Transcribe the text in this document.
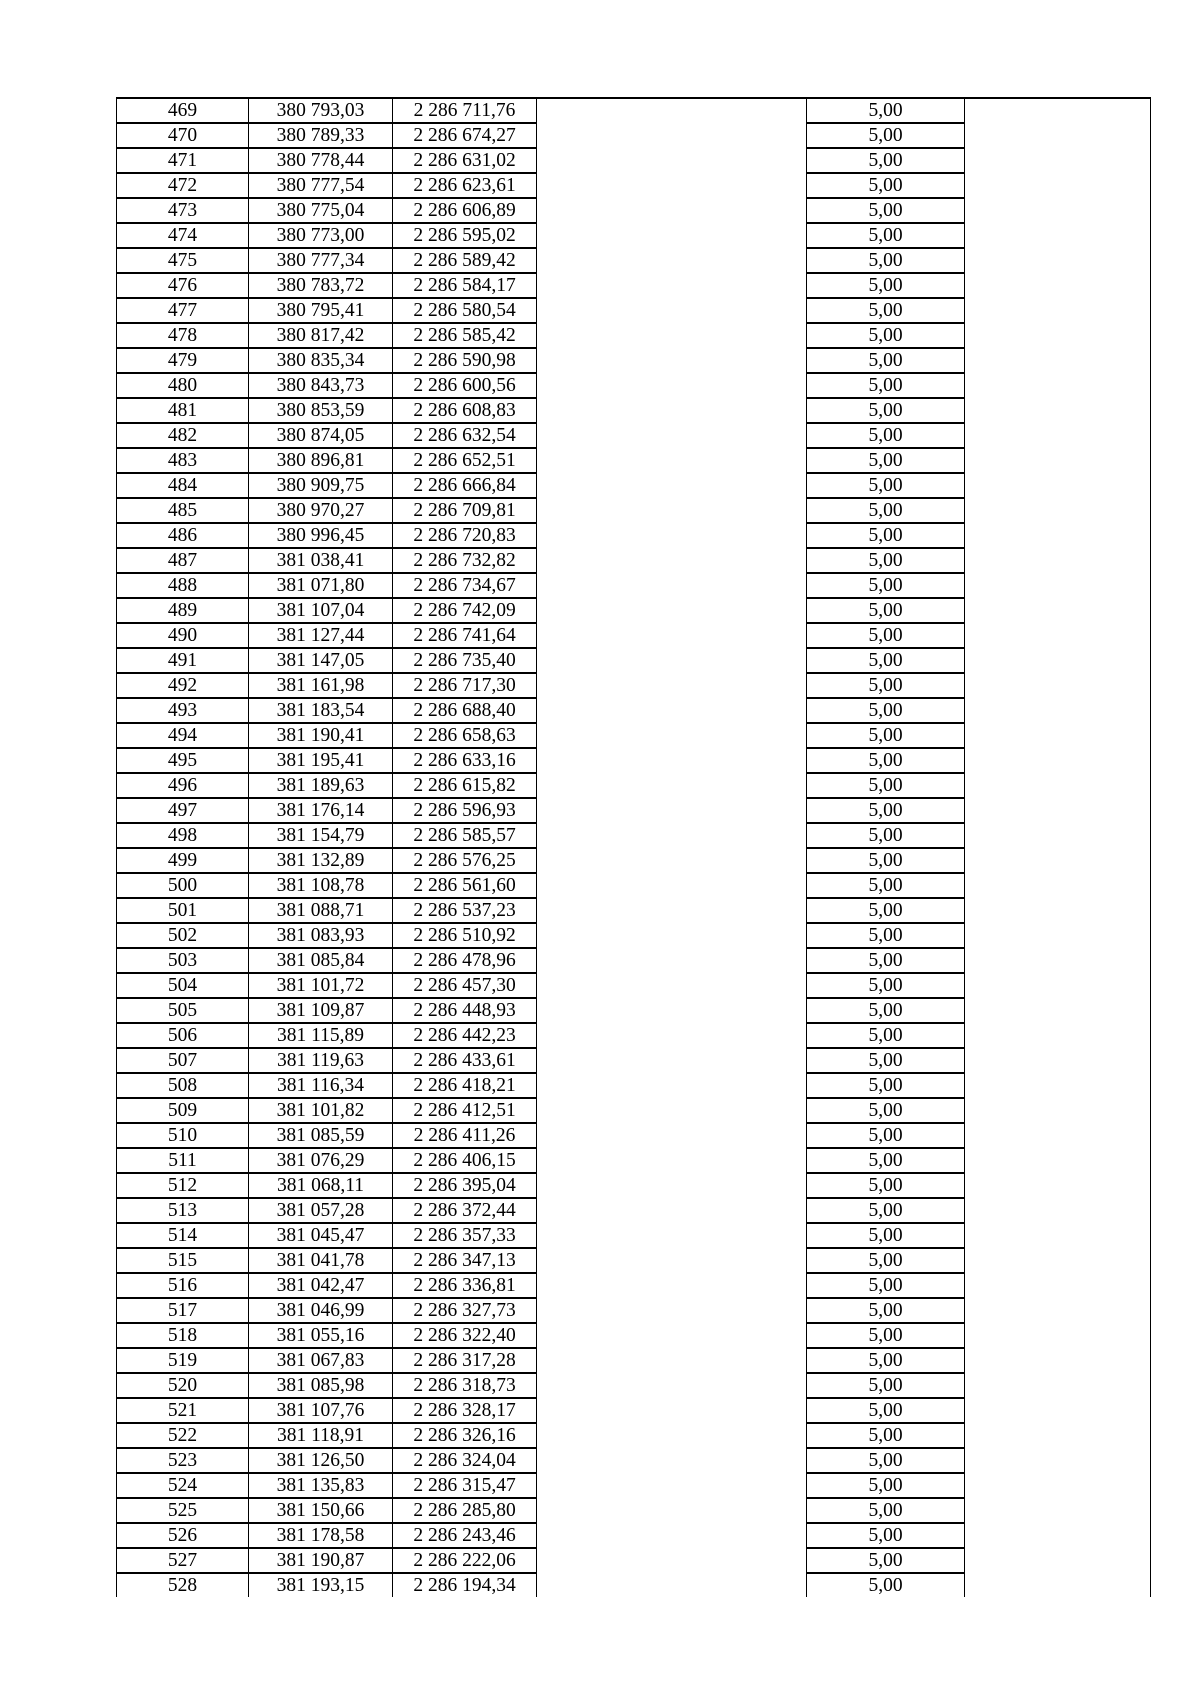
469	380 793,03	2 286 711,76		5,00	
470	380 789,33	2 286 674,27		5,00	
471	380 778,44	2 286 631,02		5,00	
472	380 777,54	2 286 623,61		5,00	
473	380 775,04	2 286 606,89		5,00	
474	380 773,00	2 286 595,02		5,00	
475	380 777,34	2 286 589,42		5,00	
476	380 783,72	2 286 584,17		5,00	
477	380 795,41	2 286 580,54		5,00	
478	380 817,42	2 286 585,42		5,00	
479	380 835,34	2 286 590,98		5,00	
480	380 843,73	2 286 600,56		5,00	
481	380 853,59	2 286 608,83		5,00	
482	380 874,05	2 286 632,54		5,00	
483	380 896,81	2 286 652,51		5,00	
484	380 909,75	2 286 666,84		5,00	
485	380 970,27	2 286 709,81		5,00	
486	380 996,45	2 286 720,83		5,00	
487	381 038,41	2 286 732,82		5,00	
488	381 071,80	2 286 734,67		5,00	
489	381 107,04	2 286 742,09		5,00	
490	381 127,44	2 286 741,64		5,00	
491	381 147,05	2 286 735,40		5,00	
492	381 161,98	2 286 717,30		5,00	
493	381 183,54	2 286 688,40		5,00	
494	381 190,41	2 286 658,63		5,00	
495	381 195,41	2 286 633,16		5,00	
496	381 189,63	2 286 615,82		5,00	
497	381 176,14	2 286 596,93		5,00	
498	381 154,79	2 286 585,57		5,00	
499	381 132,89	2 286 576,25		5,00	
500	381 108,78	2 286 561,60		5,00	
501	381 088,71	2 286 537,23		5,00	
502	381 083,93	2 286 510,92		5,00	
503	381 085,84	2 286 478,96		5,00	
504	381 101,72	2 286 457,30		5,00	
505	381 109,87	2 286 448,93		5,00	
506	381 115,89	2 286 442,23		5,00	
507	381 119,63	2 286 433,61		5,00	
508	381 116,34	2 286 418,21		5,00	
509	381 101,82	2 286 412,51		5,00	
510	381 085,59	2 286 411,26		5,00	
511	381 076,29	2 286 406,15		5,00	
512	381 068,11	2 286 395,04		5,00	
513	381 057,28	2 286 372,44		5,00	
514	381 045,47	2 286 357,33		5,00	
515	381 041,78	2 286 347,13		5,00	
516	381 042,47	2 286 336,81		5,00	
517	381 046,99	2 286 327,73		5,00	
518	381 055,16	2 286 322,40		5,00	
519	381 067,83	2 286 317,28		5,00	
520	381 085,98	2 286 318,73		5,00	
521	381 107,76	2 286 328,17		5,00	
522	381 118,91	2 286 326,16		5,00	
523	381 126,50	2 286 324,04		5,00	
524	381 135,83	2 286 315,47		5,00	
525	381 150,66	2 286 285,80		5,00	
526	381 178,58	2 286 243,46		5,00	
527	381 190,87	2 286 222,06		5,00	
528	381 193,15	2 286 194,34		5,00	
